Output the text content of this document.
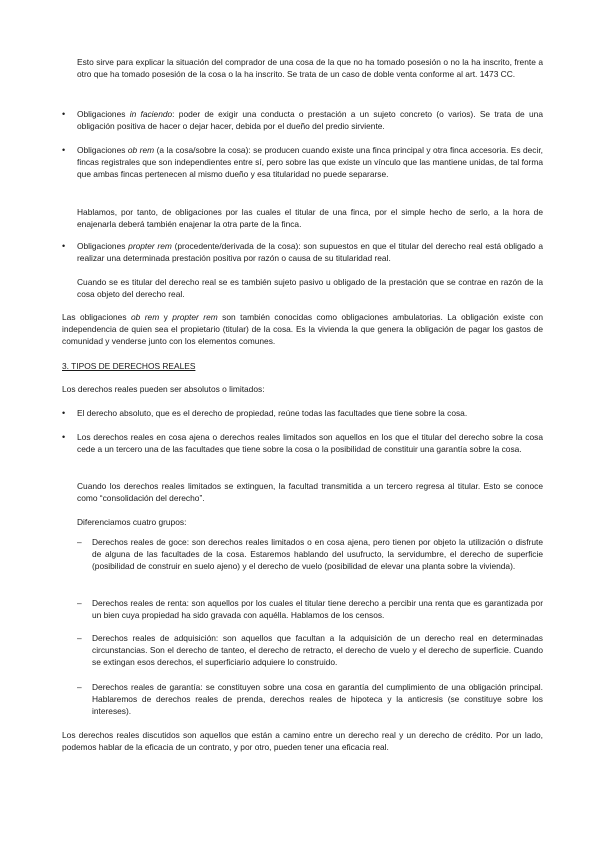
Esto sirve para explicar la situación del comprador de una cosa de la que no ha tomado posesión o no la ha inscrito, frente a otro que ha tomado posesión de la cosa o la ha inscrito. Se trata de un caso de doble venta conforme al art. 1473 CC.

• Obligaciones in faciendo: poder de exigir una conducta o prestación a un sujeto concreto (o varios). Se trata de una obligación positiva de hacer o dejar hacer, debida por el dueño del predio sirviente.

• Obligaciones ob rem (a la cosa/sobre la cosa): se producen cuando existe una finca principal y otra finca accesoria. Es decir, fincas registrales que son independientes entre sí, pero sobre las que existe un vínculo que las mantiene unidas, de tal forma que ambas fincas pertenecen al mismo dueño y esa titularidad no puede separarse.

Hablamos, por tanto, de obligaciones por las cuales el titular de una finca, por el simple hecho de serlo, a la hora de enajenarla deberá también enajenar la otra parte de la finca.

• Obligaciones propter rem (procedente/derivada de la cosa): son supuestos en que el titular del derecho real está obligado a realizar una determinada prestación positiva por razón o causa de su titularidad real.

Cuando se es titular del derecho real se es también sujeto pasivo u obligado de la prestación que se contrae en razón de la cosa objeto del derecho real.

Las obligaciones ob rem y propter rem son también conocidas como obligaciones ambulatorias. La obligación existe con independencia de quien sea el propietario (titular) de la cosa. Es la vivienda la que genera la obligación de pagar los gastos de comunidad y venderse junto con los elementos comunes.

3. TIPOS DE DERECHOS REALES

Los derechos reales pueden ser absolutos o limitados:

• El derecho absoluto, que es el derecho de propiedad, reúne todas las facultades que tiene sobre la cosa.

• Los derechos reales en cosa ajena o derechos reales limitados son aquellos en los que el titular del derecho sobre la cosa cede a un tercero una de las facultades que tiene sobre la cosa o la posibilidad de constituir una garantía sobre la cosa.

Cuando los derechos reales limitados se extinguen, la facultad transmitida a un tercero regresa al titular. Esto se conoce como “consolidación del derecho”.

Diferenciamos cuatro grupos:

– Derechos reales de goce: son derechos reales limitados o en cosa ajena, pero tienen por objeto la utilización o disfrute de alguna de las facultades de la cosa. Estaremos hablando del usufructo, la servidumbre, el derecho de superficie (posibilidad de construir en suelo ajeno) y el derecho de vuelo (posibilidad de elevar una planta sobre la vivienda).

– Derechos reales de renta: son aquellos por los cuales el titular tiene derecho a percibir una renta que es garantizada por un bien cuya propiedad ha sido gravada con aquélla. Hablamos de los censos.

– Derechos reales de adquisición: son aquellos que facultan a la adquisición de un derecho real en determinadas circunstancias. Son el derecho de tanteo, el derecho de retracto, el derecho de vuelo y el derecho de superficie. Cuando se extingan esos derechos, el superficiario adquiere lo construido.

– Derechos reales de garantía: se constituyen sobre una cosa en garantía del cumplimiento de una obligación principal. Hablaremos de derechos reales de prenda, derechos reales de hipoteca y la anticresis (se constituye sobre los intereses).

Los derechos reales discutidos son aquellos que están a camino entre un derecho real y un derecho de crédito. Por un lado, podemos hablar de la eficacia de un contrato, y por otro, pueden tener una eficacia real.
